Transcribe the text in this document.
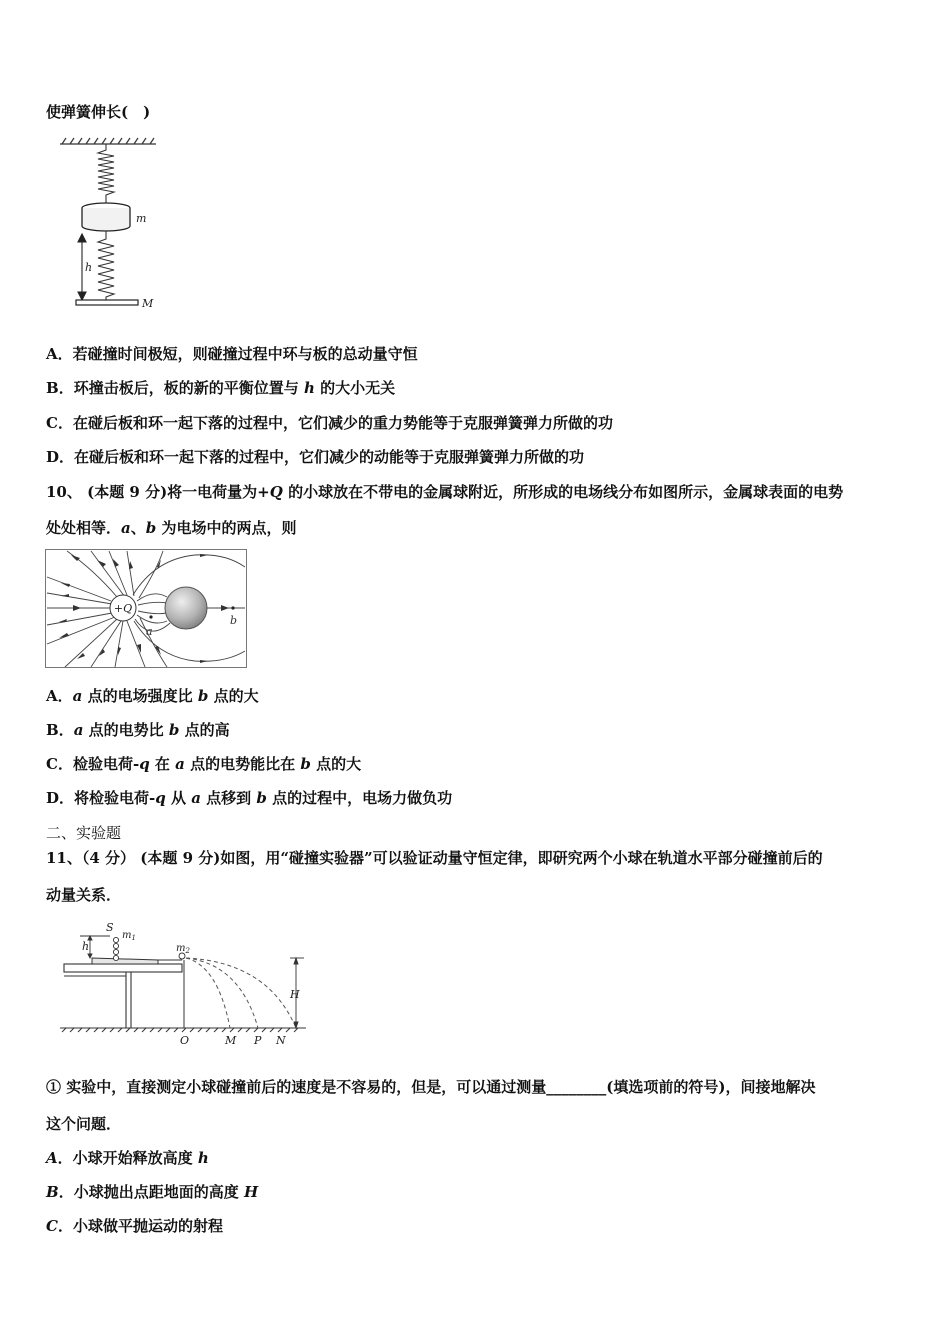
使弹簧伸长(　)
m
h
M
A．若碰撞时间极短，则碰撞过程中环与板的总动量守恒
B．环撞击板后，板的新的平衡位置与 h 的大小无关
C．在碰后板和环一起下落的过程中，它们减少的重力势能等于克服弹簧弹力所做的功
D．在碰后板和环一起下落的过程中，它们减少的动能等于克服弹簧弹力所做的功
10、 (本题 9 分)将一电荷量为+Q 的小球放在不带电的金属球附近，所形成的电场线分布如图所示，金属球表面的电势
处处相等．a、b 为电场中的两点，则
+Q
a
b
A．a 点的电场强度比 b 点的大
B．a 点的电势比 b 点的高
C．检验电荷-q 在 a 点的电势能比在 b 点的大
D．将检验电荷-q 从 a 点移到 b 点的过程中，电场力做负功
二、实验题
11、（4 分） (本题 9 分)如图，用“碰撞实验器”可以验证动量守恒定律，即研究两个小球在轨道水平部分碰撞前后的
动量关系．
h
S
$m_1$
$m_2$
H
O	M P N
① 实验中，直接测定小球碰撞前后的速度是不容易的，但是，可以通过测量________(填选项前的符号)，间接地解决
这个问题．
A．小球开始释放高度 h
B．小球抛出点距地面的高度 H
C．小球做平抛运动的射程
